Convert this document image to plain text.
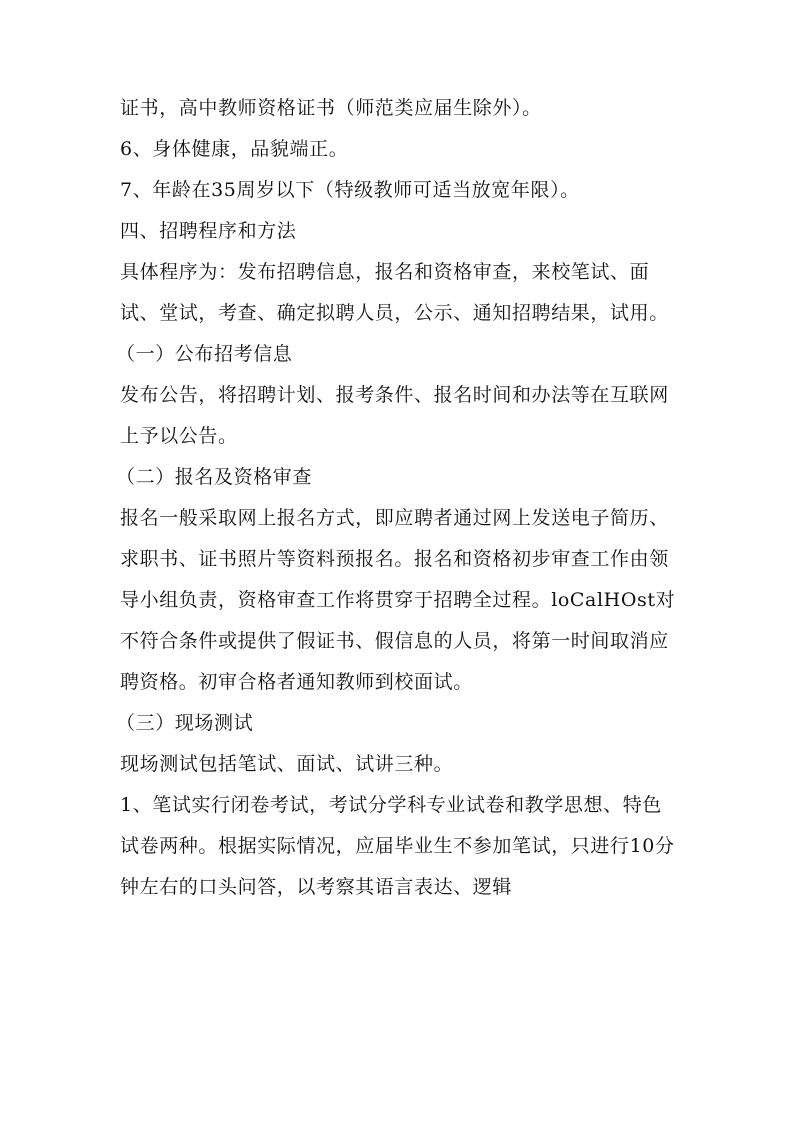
证书，高中教师资格证书（师范类应届生除外）。

6、身体健康，品貌端正。

7、年龄在35周岁以下（特级教师可适当放宽年限）。

四、招聘程序和方法

具体程序为：发布招聘信息，报名和资格审查，来校笔试、面试、堂试，考查、确定拟聘人员，公示、通知招聘结果，试用。

（一）公布招考信息

发布公告，将招聘计划、报考条件、报名时间和办法等在互联网上予以公告。

（二）报名及资格审查

报名一般采取网上报名方式，即应聘者通过网上发送电子简历、求职书、证书照片等资料预报名。报名和资格初步审查工作由领导小组负责，资格审查工作将贯穿于招聘全过程。loCalHOst对不符合条件或提供了假证书、假信息的人员，将第一时间取消应聘资格。初审合格者通知教师到校面试。

（三）现场测试

现场测试包括笔试、面试、试讲三种。

1、笔试实行闭卷考试，考试分学科专业试卷和教学思想、特色试卷两种。根据实际情况，应届毕业生不参加笔试，只进行10分钟左右的口头问答，以考察其语言表达、逻辑
